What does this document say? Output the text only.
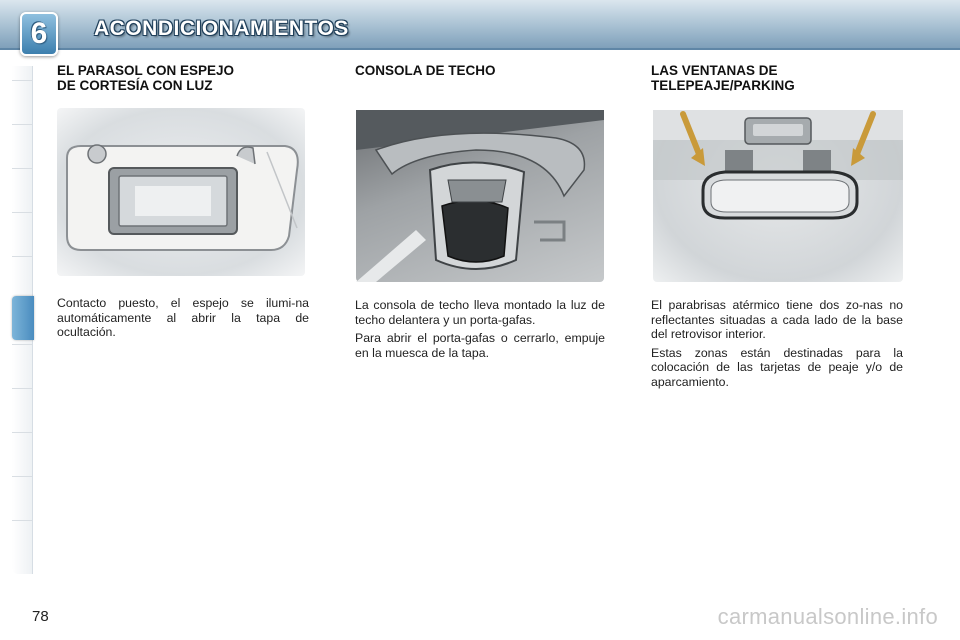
6 ACONDICIONAMIENTOS
EL PARASOL CON ESPEJO
DE CORTESÍA CON LUZ

Contacto puesto, el espejo se ilumi-na automáticamente al abrir la tapa de ocultación.

CONSOLA DE TECHO

La consola de techo lleva montado la luz de techo delantera y un porta-gafas.

Para abrir el porta-gafas o cerrarlo, empuje en la muesca de la tapa.

LAS VENTANAS DE
TELEPEAJE/PARKING

El parabrisas atérmico tiene dos zo-nas no reflectantes situadas a cada lado de la base del retrovisor interior.

Estas zonas están destinadas para la colocación de las tarjetas de peaje y/o de aparcamiento.

78	carmanualsonline.info
